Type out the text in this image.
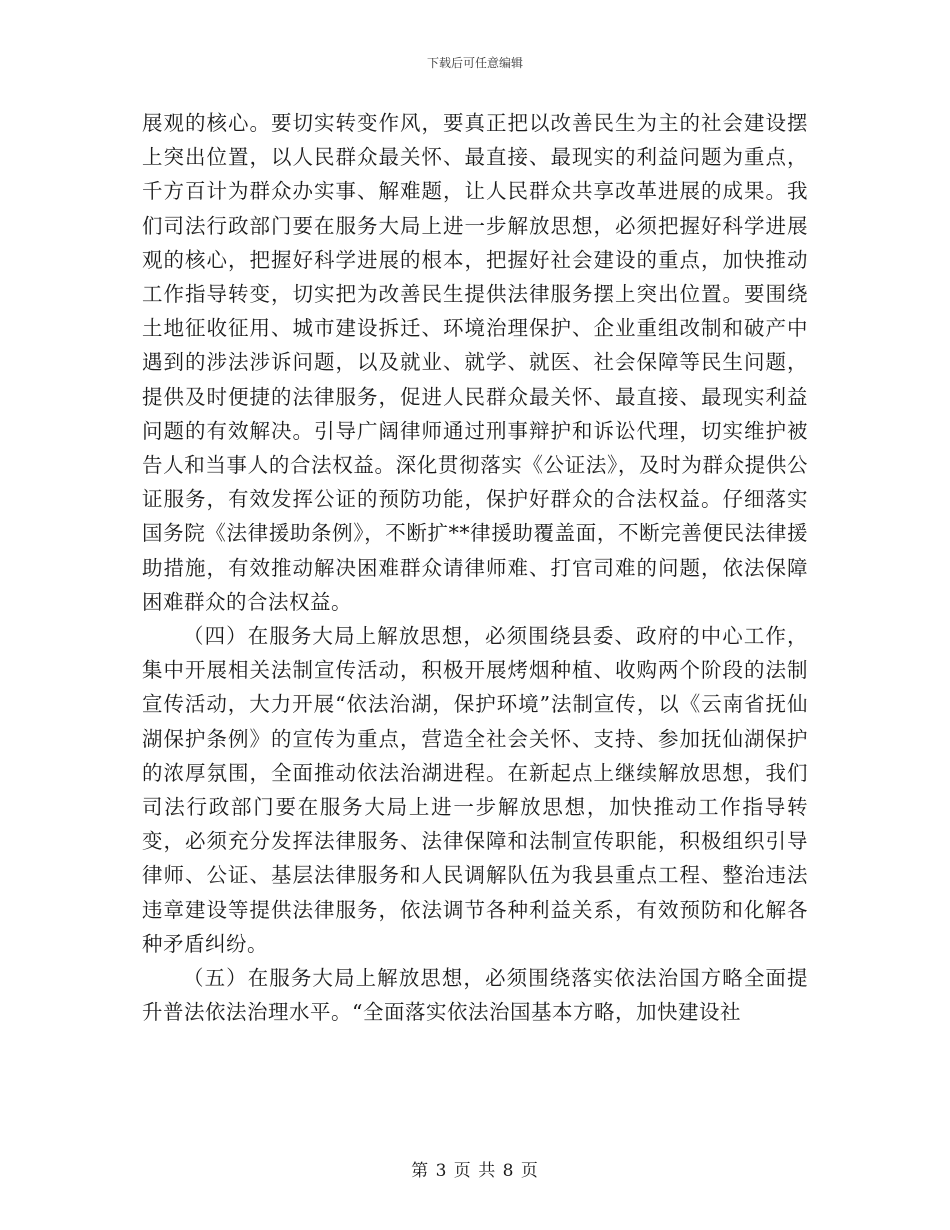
下载后可任意编辑

展观的核心。要切实转变作风，要真正把以改善民生为主的社会建设摆上突出位置，以人民群众最关怀、最直接、最现实的利益问题为重点，千方百计为群众办实事、解难题，让人民群众共享改革进展的成果。我们司法行政部门要在服务大局上进一步解放思想，必须把握好科学进展观的核心，把握好科学进展的根本，把握好社会建设的重点，加快推动工作指导转变，切实把为改善民生提供法律服务摆上突出位置。要围绕土地征收征用、城市建设拆迁、环境治理保护、企业重组改制和破产中遇到的涉法涉诉问题，以及就业、就学、就医、社会保障等民生问题，提供及时便捷的法律服务，促进人民群众最关怀、最直接、最现实利益问题的有效解决。引导广阔律师通过刑事辩护和诉讼代理，切实维护被告人和当事人的合法权益。深化贯彻落实《公证法》，及时为群众提供公证服务，有效发挥公证的预防功能，保护好群众的合法权益。仔细落实国务院《法律援助条例》，不断扩**律援助覆盖面，不断完善便民法律援助措施，有效推动解决困难群众请律师难、打官司难的问题，依法保障困难群众的合法权益。

（四）在服务大局上解放思想，必须围绕县委、政府的中心工作，集中开展相关法制宣传活动，积极开展烤烟种植、收购两个阶段的法制宣传活动，大力开展“依法治湖，保护环境”法制宣传，以《云南省抚仙湖保护条例》的宣传为重点，营造全社会关怀、支持、参加抚仙湖保护的浓厚氛围，全面推动依法治湖进程。在新起点上继续解放思想，我们司法行政部门要在服务大局上进一步解放思想，加快推动工作指导转变，必须充分发挥法律服务、法律保障和法制宣传职能，积极组织引导律师、公证、基层法律服务和人民调解队伍为我县重点工程、整治违法违章建设等提供法律服务，依法调节各种利益关系，有效预防和化解各种矛盾纠纷。

（五）在服务大局上解放思想，必须围绕落实依法治国方略全面提升普法依法治理水平。“全面落实依法治国基本方略，加快建设社

第 3 页 共 8 页
